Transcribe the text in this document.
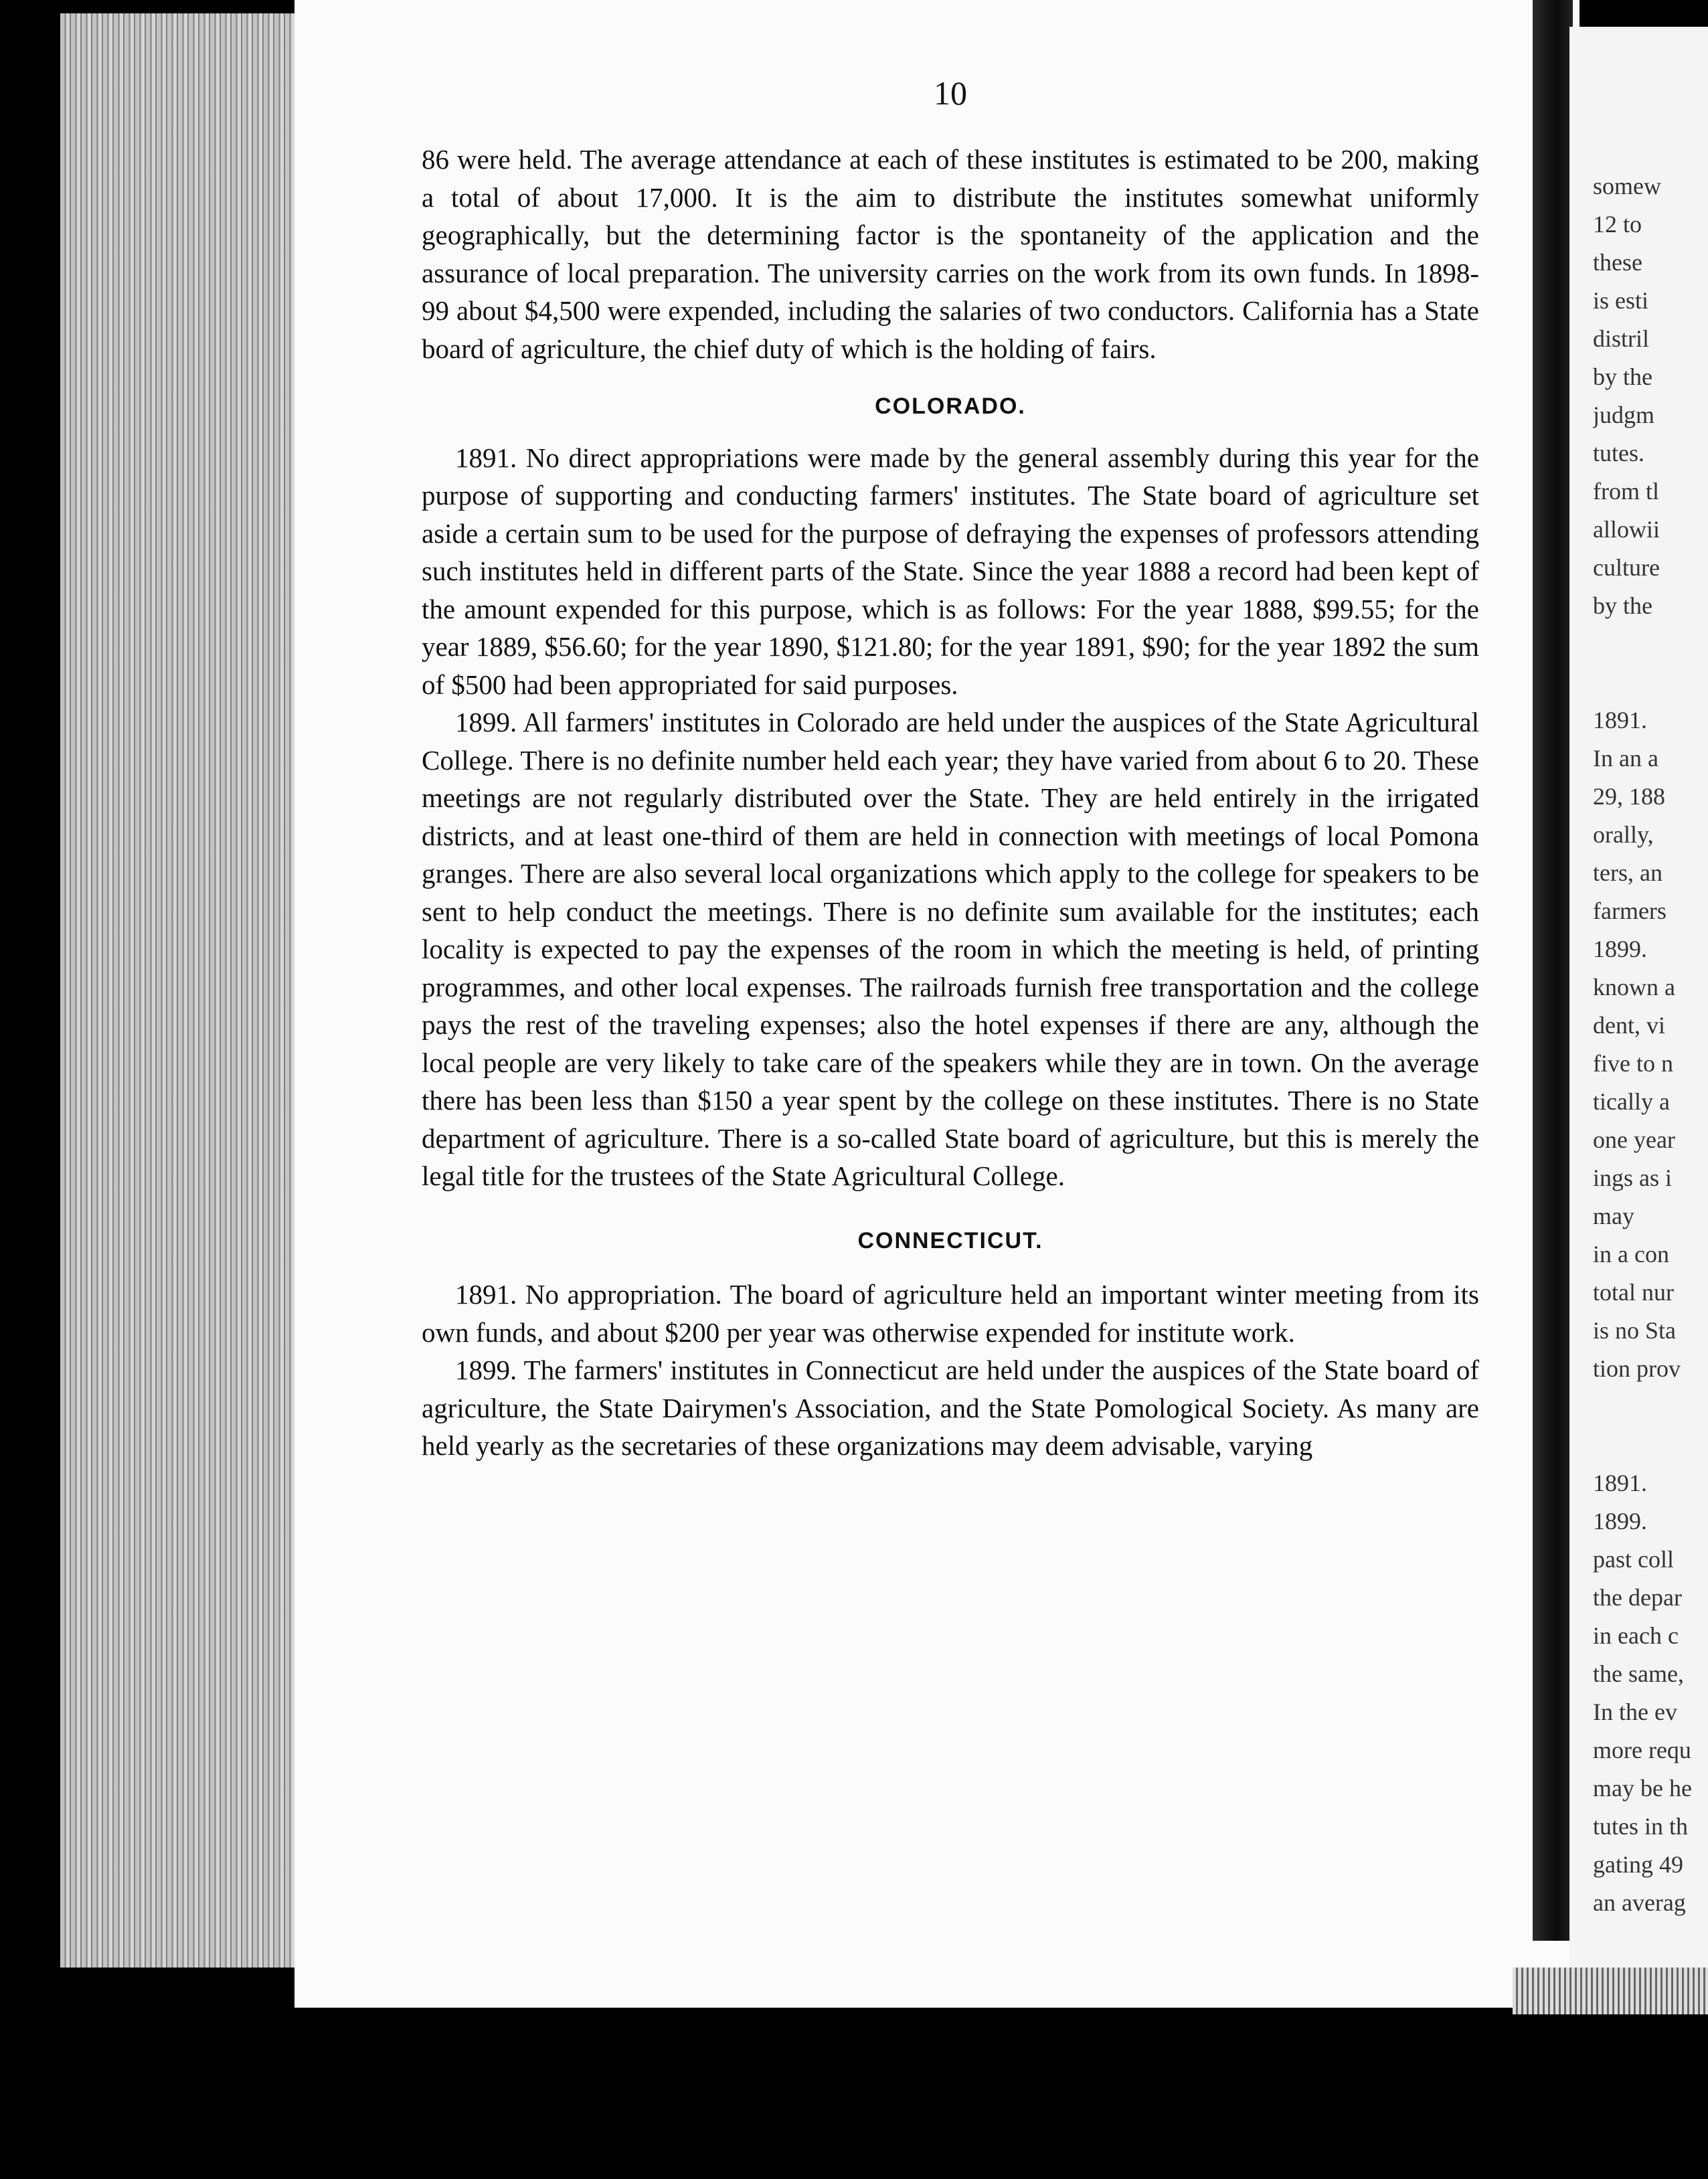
10

86 were held. The average attendance at each of these institutes is estimated to be 200, making a total of about 17,000. It is the aim to distribute the institutes somewhat uniformly geographically, but the determining factor is the spontaneity of the application and the assurance of local preparation. The university carries on the work from its own funds. In 1898-99 about $4,500 were expended, including the salaries of two conductors. California has a State board of agriculture, the chief duty of which is the holding of fairs.

COLORADO.

1891. No direct appropriations were made by the general assembly during this year for the purpose of supporting and conducting farmers' institutes. The State board of agriculture set aside a certain sum to be used for the purpose of defraying the expenses of professors attending such institutes held in different parts of the State. Since the year 1888 a record had been kept of the amount expended for this purpose, which is as follows: For the year 1888, $99.55; for the year 1889, $56.60; for the year 1890, $121.80; for the year 1891, $90; for the year 1892 the sum of $500 had been appropriated for said purposes.

1899. All farmers' institutes in Colorado are held under the auspices of the State Agricultural College. There is no definite number held each year; they have varied from about 6 to 20. These meetings are not regularly distributed over the State. They are held entirely in the irrigated districts, and at least one-third of them are held in connection with meetings of local Pomona granges. There are also several local organizations which apply to the college for speakers to be sent to help conduct the meetings. There is no definite sum available for the institutes; each locality is expected to pay the expenses of the room in which the meeting is held, of printing programmes, and other local expenses. The railroads furnish free transportation and the college pays the rest of the traveling expenses; also the hotel expenses if there are any, although the local people are very likely to take care of the speakers while they are in town. On the average there has been less than $150 a year spent by the college on these institutes. There is no State department of agriculture. There is a so-called State board of agriculture, but this is merely the legal title for the trustees of the State Agricultural College.

CONNECTICUT.

1891. No appropriation. The board of agriculture held an important winter meeting from its own funds, and about $200 per year was otherwise expended for institute work.

1899. The farmers' institutes in Connecticut are held under the auspices of the State board of agriculture, the State Dairymen's Association, and the State Pomological Society. As many are held yearly as the secretaries of these organizations may deem advisable, varying

somew
12 to
these
is esti
distril
by the
judgm
tutes.
from tl
allowii
culture
by the
1891.
In an a
29, 188
orally,
ters, an
farmers
1899.
known a
dent, vi
five to n
tically a
one year
ings as i
may
in a con
total nur
is no Sta
tion prov
1891.
1899.
past coll
the depar
in each c
the same,
In the ev
more requ
may be he
tutes in th
gating 49
an averag
